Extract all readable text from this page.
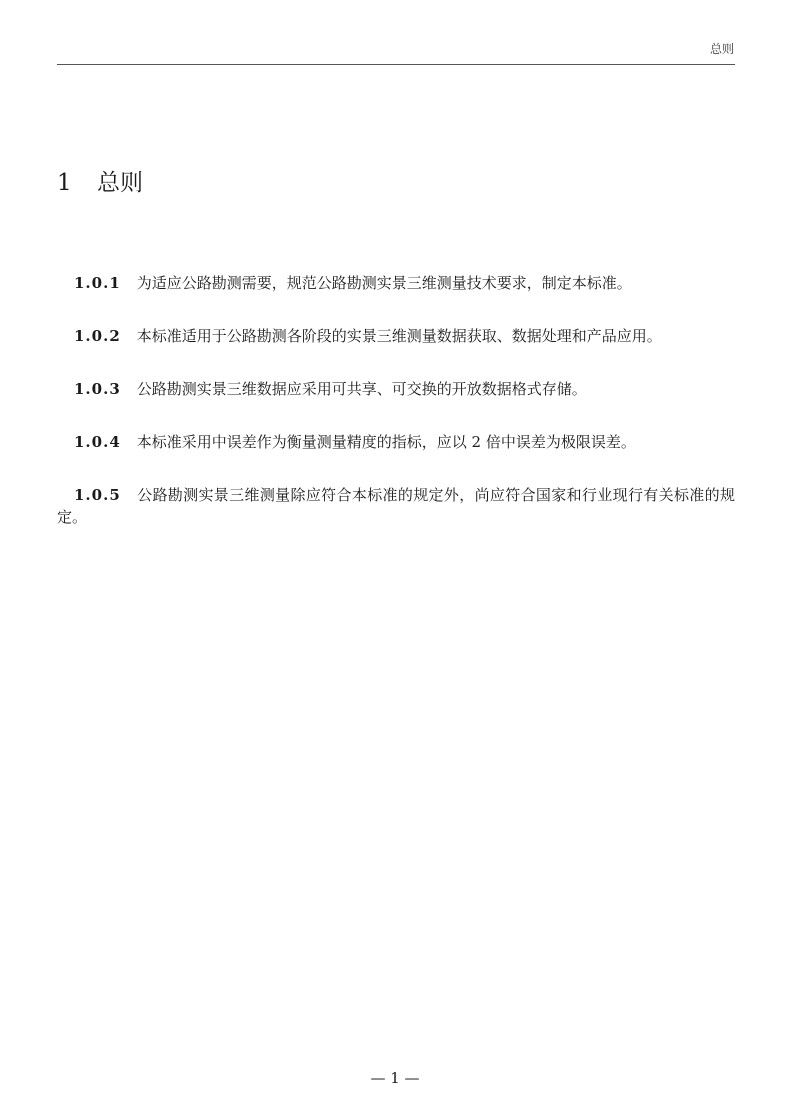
总则
1 总则

1.0.1 为适应公路勘测需要，规范公路勘测实景三维测量技术要求，制定本标准。

1.0.2 本标准适用于公路勘测各阶段的实景三维测量数据获取、数据处理和产品应用。

1.0.3 公路勘测实景三维数据应采用可共享、可交换的开放数据格式存储。

1.0.4 本标准采用中误差作为衡量测量精度的指标，应以 2 倍中误差为极限误差。

1.0.5 公路勘测实景三维测量除应符合本标准的规定外，尚应符合国家和行业现行有关标准的规定。

— 1 —
